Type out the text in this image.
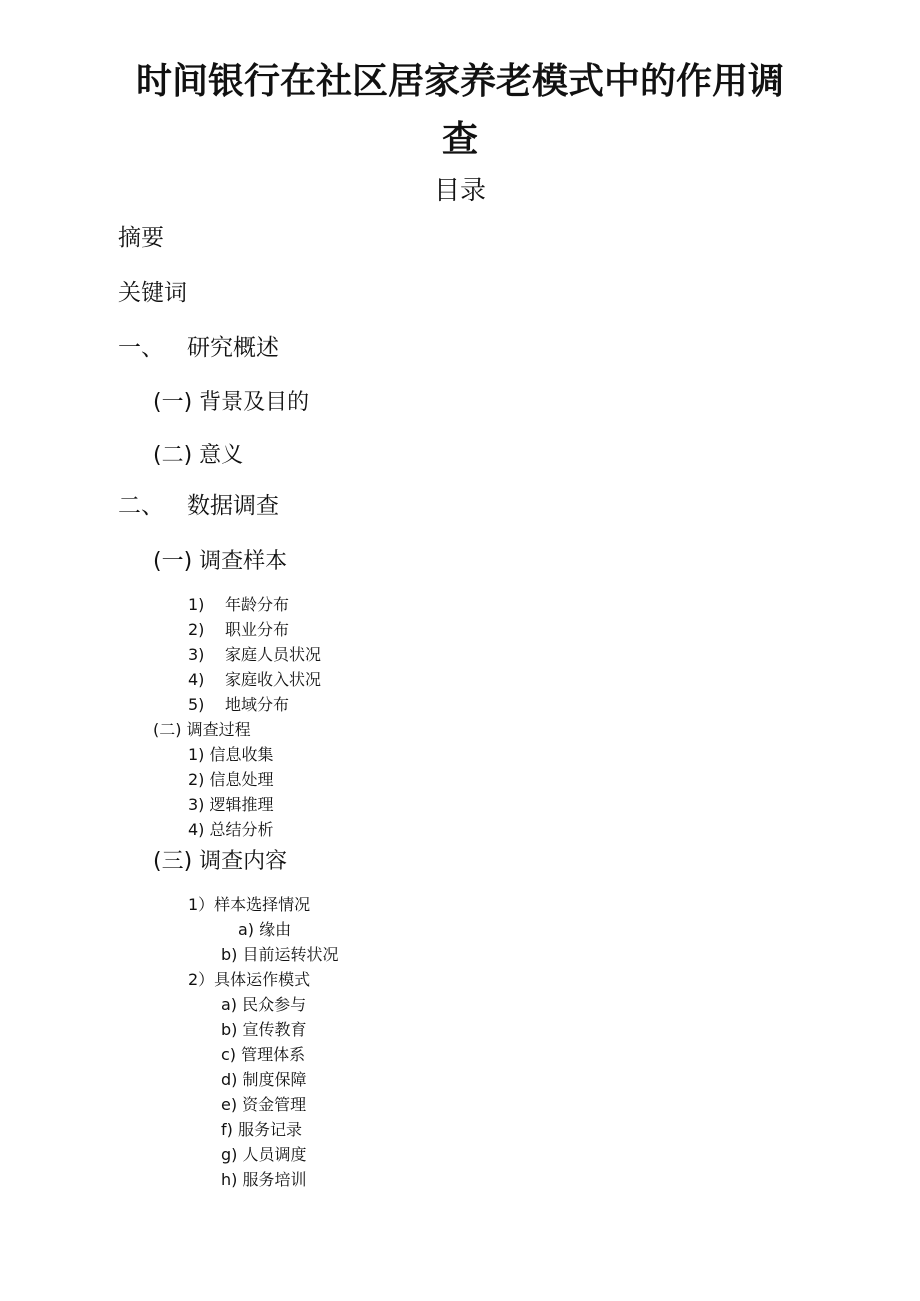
时间银行在社区居家养老模式中的作用调
查
目录
摘要
关键词
一、 研究概述
(一) 背景及目的
(二) 意义
二、 数据调查
(一) 调查样本
1) 年龄分布
2) 职业分布
3) 家庭人员状况
4) 家庭收入状况
5) 地域分布
(二) 调查过程
1) 信息收集
2) 信息处理
3) 逻辑推理
4) 总结分析
(三) 调查内容
1）样本选择情况
a) 缘由
b) 目前运转状况
2）具体运作模式
a) 民众参与
b) 宣传教育
c) 管理体系
d) 制度保障
e) 资金管理
f) 服务记录
g) 人员调度
h) 服务培训
